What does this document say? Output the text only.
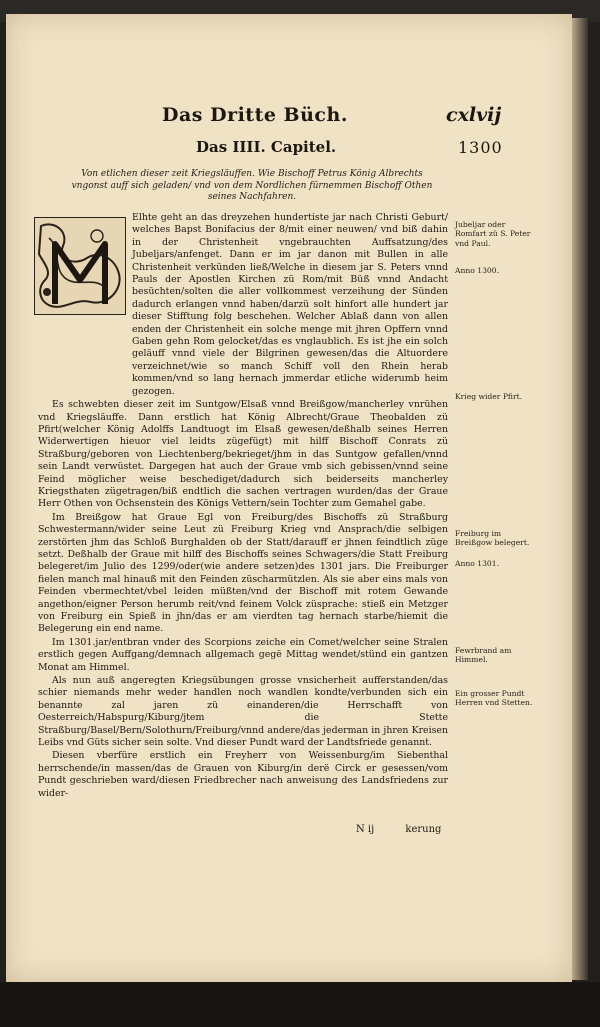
Das Dritte Büch.	cxlvij
Das IIII. Capitel.	1300
Von etlichen dieser zeit Kriegsläuffen. Wie Bischoff Petrus König Albrechts vngonst auff sich geladen/ vnd von dem Nordlichen fürnemmen Bischoff Othen seines Nachfahren.

Elhte geht an das dreyzehen hundertiste jar nach Christi Geburt/ welches Bapst Bonifacius der 8/mit einer neuwen/ vnd biß dahin in der Christenheit vngebrauchten Auffsatzung/des Jubeljars/anfenget. Dann er im jar danon mit Bullen in alle Christenheit verkünden ließ/Welche in diesem jar S. Peters vnnd Pauls der Apostlen Kirchen zü Rom/mit Büß vnnd Andacht besüchten/solten die aller vollkommest verzeihung der Sünden dadurch erlangen vnnd haben/darzü solt hinfort alle hundert jar dieser Stifftung folg beschehen. Welcher Ablaß dann von allen enden der Christenheit ein solche menge mit jhren Opffern vnnd Gaben gehn Rom gelocket/das es vnglaublich. Es ist jhe ein solch geläuff vnnd viele der Bilgrinen gewesen/das die Altuordere verzeichnet/wie so manch Schiff voll den Rhein herab kommen/vnd so lang hernach jmmerdar etliche widerumb heim gezogen.

Es schwebten dieser zeit im Suntgow/Elsaß vnnd Breißgow/mancherley vnrühen vnd Kriegsläuffe. Dann erstlich hat König Albrecht/Graue Theobalden zü Pfirt(welcher König Adolffs Landtuogt im Elsaß gewesen/deßhalb seines Herren Widerwertigen hieuor viel leidts zügefügt) mit hilff Bischoff Conrats zü Straßburg/geboren von Liechtenberg/bekrieget/jhm in das Suntgow gefallen/vnnd sein Landt verwüstet. Dargegen hat auch der Graue vmb sich gebissen/vnnd seine Feind möglicher weise beschediget/dadurch sich beiderseits mancherley Kriegsthaten zügetragen/biß endtlich die sachen vertragen wurden/das der Graue Herr Othen von Ochsenstein des Königs Vettern/sein Tochter zum Gemahel gabe.

Im Breißgow hat Graue Egl von Freiburg/des Bischoffs zü Straßburg Schwestermann/wider seine Leut zü Freiburg Krieg vnd Ansprach/die selbigen zerstörten jhm das Schloß Burghalden ob der Statt/darauff er jhnen feindtlich züge setzt. Deßhalb der Graue mit hilff des Bischoffs seines Schwagers/die Statt Freiburg belegeret/im Julio des 1299/oder(wie andere setzen)des 1301 jars. Die Freiburger fielen manch mal hinauß mit den Feinden züscharmützlen. Als sie aber eins mals von Feinden vbermechtet/vbel leiden müßten/vnd der Bischoff mit rotem Gewande angethon/eigner Person herumb reit/vnd feinem Volck züsprache: stieß ein Metzger von Freiburg ein Spieß in jhn/das er am vierdten tag hernach starbe/hiemit die Belegerung ein end name.

Im 1301.jar/entbran vnder des Scorpions zeiche ein Comet/welcher seine Stralen erstlich gegen Auffgang/demnach allgemach gegë Mittag wendet/stünd ein gantzen Monat am Himmel.

Als nun auß angeregten Kriegsübungen grosse vnsicherheit aufferstanden/das schier niemands mehr weder handlen noch wandlen kondte/verbunden sich ein benannte zal jaren zü einanderen/die Herrschafft von Oesterreich/Habspurg/Kiburg/jtem die Stette Straßburg/Basel/Bern/Solothurn/Freiburg/vnnd andere/das jederman in jhren Kreisen Leibs vnd Güts sicher sein solte. Vnd dieser Pundt ward der Landtsfriede genannt.

Diesen vberfüre erstlich ein Freyherr von Weissenburg/im Siebenthal herrschende/in massen/das de Grauen von Kiburg/in derë Circk er gesessen/vom Pundt geschrieben ward/diesen Friedbrecher nach anweisung des Landsfriedens zur wider-

N ij	kerung
Jubeljar oder Romfart zü S. Peter vnd Paul.
Anno 1300.
Krieg wider Pfirt.
Freiburg im Breißgow belegert.
Anno 1301.
Fewrbrand am Himmel.
Ein grosser Pundt Herren vnd Stetten.
